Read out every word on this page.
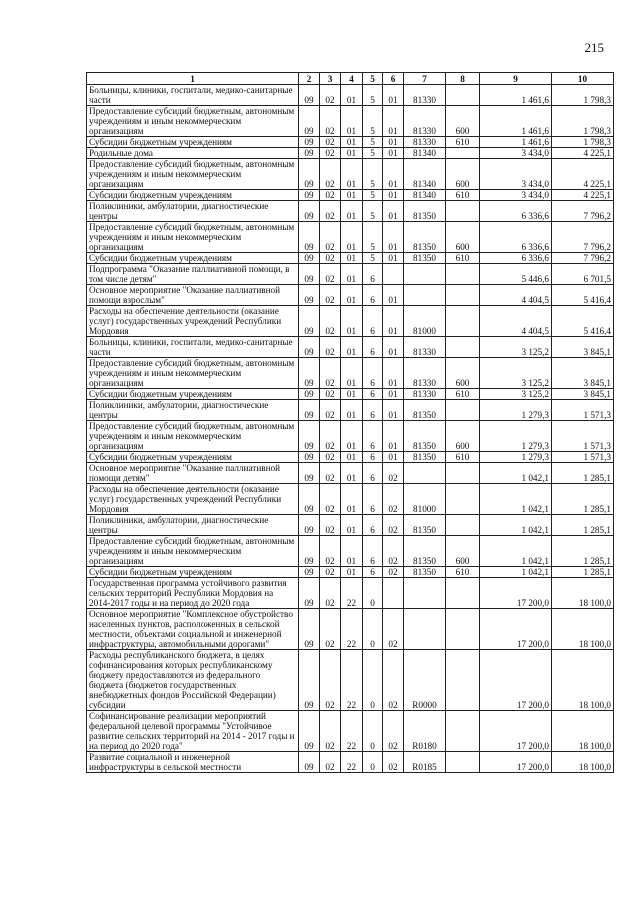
215
1	2	3	4	5	6	7	8	9	10
Больницы, клиники, госпитали, медико-санитарные части	09	02	01	5	01	81330		1 461,6	1 798,3
Предоставление субсидий бюджетным, автономным учреждениям и иным некоммерческим организациям	09	02	01	5	01	81330	600	1 461,6	1 798,3
Субсидии бюджетным учреждениям	09	02	01	5	01	81330	610	1 461,6	1 798,3
Родильные дома	09	02	01	5	01	81340		3 434,0	4 225,1
Предоставление субсидий бюджетным, автономным учреждениям и иным некоммерческим организациям	09	02	01	5	01	81340	600	3 434,0	4 225,1
Субсидии бюджетным учреждениям	09	02	01	5	01	81340	610	3 434,0	4 225,1
Поликлиники, амбулатории, диагностические центры	09	02	01	5	01	81350		6 336,6	7 796,2
Предоставление субсидий бюджетным, автономным учреждениям и иным некоммерческим организациям	09	02	01	5	01	81350	600	6 336,6	7 796,2
Субсидии бюджетным учреждениям	09	02	01	5	01	81350	610	6 336,6	7 796,2
Подпрограмма "Оказание паллиативной помощи, в том числе детям"	09	02	01	6				5 446,6	6 701,5
Основное мероприятие "Оказание паллиативной помощи взрослым"	09	02	01	6	01			4 404,5	5 416,4
Расходы на обеспечение деятельности (оказание услуг) государственных учреждений Республики Мордовия	09	02	01	6	01	81000		4 404,5	5 416,4
Больницы, клиники, госпитали, медико-санитарные части	09	02	01	6	01	81330		3 125,2	3 845,1
Предоставление субсидий бюджетным, автономным учреждениям и иным некоммерческим организациям	09	02	01	6	01	81330	600	3 125,2	3 845,1
Субсидии бюджетным учреждениям	09	02	01	6	01	81330	610	3 125,2	3 845,1
Поликлиники, амбулатории, диагностические центры	09	02	01	6	01	81350		1 279,3	1 571,3
Предоставление субсидий бюджетным, автономным учреждениям и иным некоммерческим организациям	09	02	01	6	01	81350	600	1 279,3	1 571,3
Субсидии бюджетным учреждениям	09	02	01	6	01	81350	610	1 279,3	1 571,3
Основное мероприятие "Оказание паллиативной помощи детям"	09	02	01	6	02			1 042,1	1 285,1
Расходы на обеспечение деятельности (оказание услуг) государственных учреждений Республики Мордовия	09	02	01	6	02	81000		1 042,1	1 285,1
Поликлиники, амбулатории, диагностические центры	09	02	01	6	02	81350		1 042,1	1 285,1
Предоставление субсидий бюджетным, автономным учреждениям и иным некоммерческим организациям	09	02	01	6	02	81350	600	1 042,1	1 285,1
Субсидии бюджетным учреждениям	09	02	01	6	02	81350	610	1 042,1	1 285,1
Государственная программа устойчивого развития сельских территорий Республики Мордовия на 2014-2017 годы и на период до 2020 года	09	02	22	0				17 200,0	18 100,0
Основное мероприятие "Комплексное обустройство населенных пунктов, расположенных в сельской местности, объектами социальной и инженерной инфраструктуры, автомобильными дорогами"	09	02	22	0	02			17 200,0	18 100,0
Расходы республиканского бюджета, в целях софинансирования которых республиканскому бюджету предоставляются из федерального бюджета (бюджетов государственных внебюджетных фондов Российской Федерации) субсидии	09	02	22	0	02	R0000		17 200,0	18 100,0
Софинансирование реализации мероприятий федеральной целевой программы "Устойчивое развитие сельских территорий на 2014 - 2017 годы и на период до 2020 года"	09	02	22	0	02	R0180		17 200,0	18 100,0
Развитие социальной и инженерной инфраструктуры в сельской местности	09	02	22	0	02	R0185		17 200,0	18 100,0
